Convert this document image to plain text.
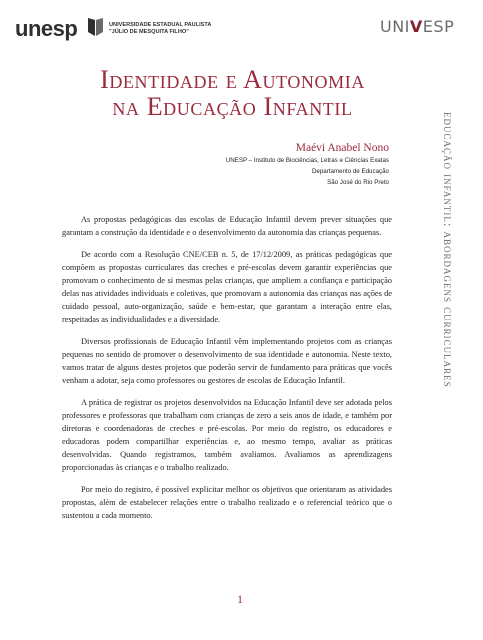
unesp	UNIVERSIDADE ESTADUAL PAULISTA
"JÚLIO DE MESQUITA FILHO"	UNIVESP
Identidade e Autonomia
na Educação Infantil
Maévi Anabel Nono
UNESP – Instituto de Biociências, Letras e Ciências Exatas
Departamento de Educação
São José do Rio Preto

As propostas pedagógicas das escolas de Educação Infantil devem prever situações que garantam a construção da identidade e o desenvolvimento da autonomia das crianças pequenas.

De acordo com a Resolução CNE/CEB n. 5, de 17/12/2009, as práticas pedagógicas que compõem as propostas curriculares das creches e pré-escolas devem garantir experiências que promovam o conhecimento de si mesmas pelas crianças, que ampliem a confiança e participação delas nas atividades individuais e coletivas, que promovam a autonomia das crianças nas ações de cuidado pessoal, auto-organização, saúde e bem-estar, que garantam a interação entre elas, respeitadas as individualidades e a diversidade.

Diversos profissionais de Educação Infantil vêm implementando projetos com as crianças pequenas no sentido de promover o desenvolvimento de sua identidade e autonomia. Neste texto, vamos tratar de alguns destes projetos que poderão servir de fundamento para práticas que vocês venham a adotar, seja como professores ou gestores de escolas de Educação Infantil.

A prática de registrar os projetos desenvolvidos na Educação Infantil deve ser adotada pelos professores e professoras que trabalham com crianças de zero a seis anos de idade, e também por diretoras e coordenadoras de creches e pré-escolas. Por meio do registro, os educadores e educadoras podem compartilhar experiências e, ao mesmo tempo, avaliar as práticas desenvolvidas. Quando registramos, também avaliamos. Avaliamos as aprendizagens proporcionadas às crianças e o trabalho realizado.

Por meio do registro, é possível explicitar melhor os objetivos que orientaram as atividades propostas, além de estabelecer relações entre o trabalho realizado e o referencial teórico que o sustentou a cada momento.

educação infantil: abordagens curriculares
1
